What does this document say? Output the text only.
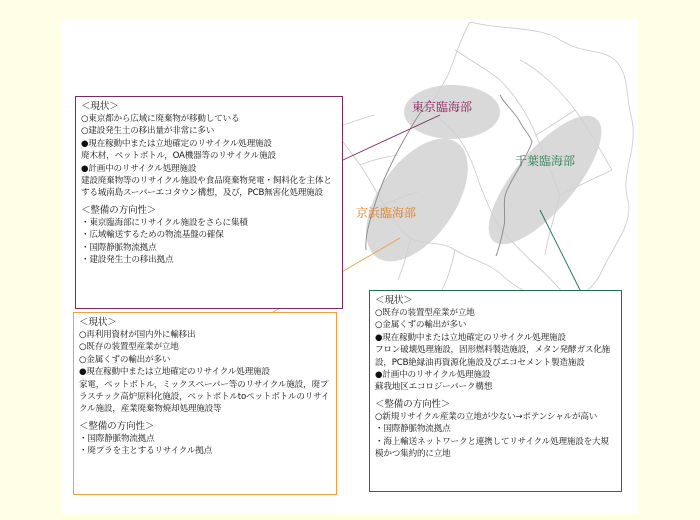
東京臨海部
千葉臨海部
京浜臨海部
＜現状＞
○東京都から広域に廃棄物が移動している
○建設発生土の移出量が非常に多い
●現在稼動中または立地確定のリサイクル処理施設
廃木材，ペットボトル，OA機器等のリサイクル施設
●計画中のリサイクル処理施設
建設廃棄物等のリサイクル施設や食品廃棄物発電・飼料化を主体とする城南島スーパーエコタウン構想，及び，PCB無害化処理施設
＜整備の方向性＞
・東京臨海部にリサイクル施設をさらに集積
・広域輸送するための物流基盤の確保
・国際静脈物流拠点
・建設発生土の移出拠点
＜現状＞
○再利用資材が国内外に輸移出
○既存の装置型産業が立地
○金属くずの輸出が多い
●現在稼動中または立地確定のリサイクル処理施設
家電，ペットボトル，ミックスペーパー等のリサイクル施設，廃プラスチック高炉原料化施設，ペットボトルtoペットボトルのリサイクル施設，産業廃棄物焼却処理施設等
＜整備の方向性＞
・国際静脈物流拠点
・廃プラを主とするリサイクル拠点
＜現状＞
○既存の装置型産業が立地
○金属くずの輸出が多い
●現在稼動中または立地確定のリサイクル処理施設
フロン破壊処理施設，固形燃料製造施設，メタン発酵ガス化施設，PCB絶縁油再資源化施設及びエコセメント製造施設
●計画中のリサイクル処理施設
蘇我地区エコロジーパーク構想
＜整備の方向性＞
○新規リサイクル産業の立地が少ない→ポテンシャルが高い
・国際静脈物流拠点
・海上輸送ネットワークと連携してリサイクル処理施設を大規模かつ集約的に立地
